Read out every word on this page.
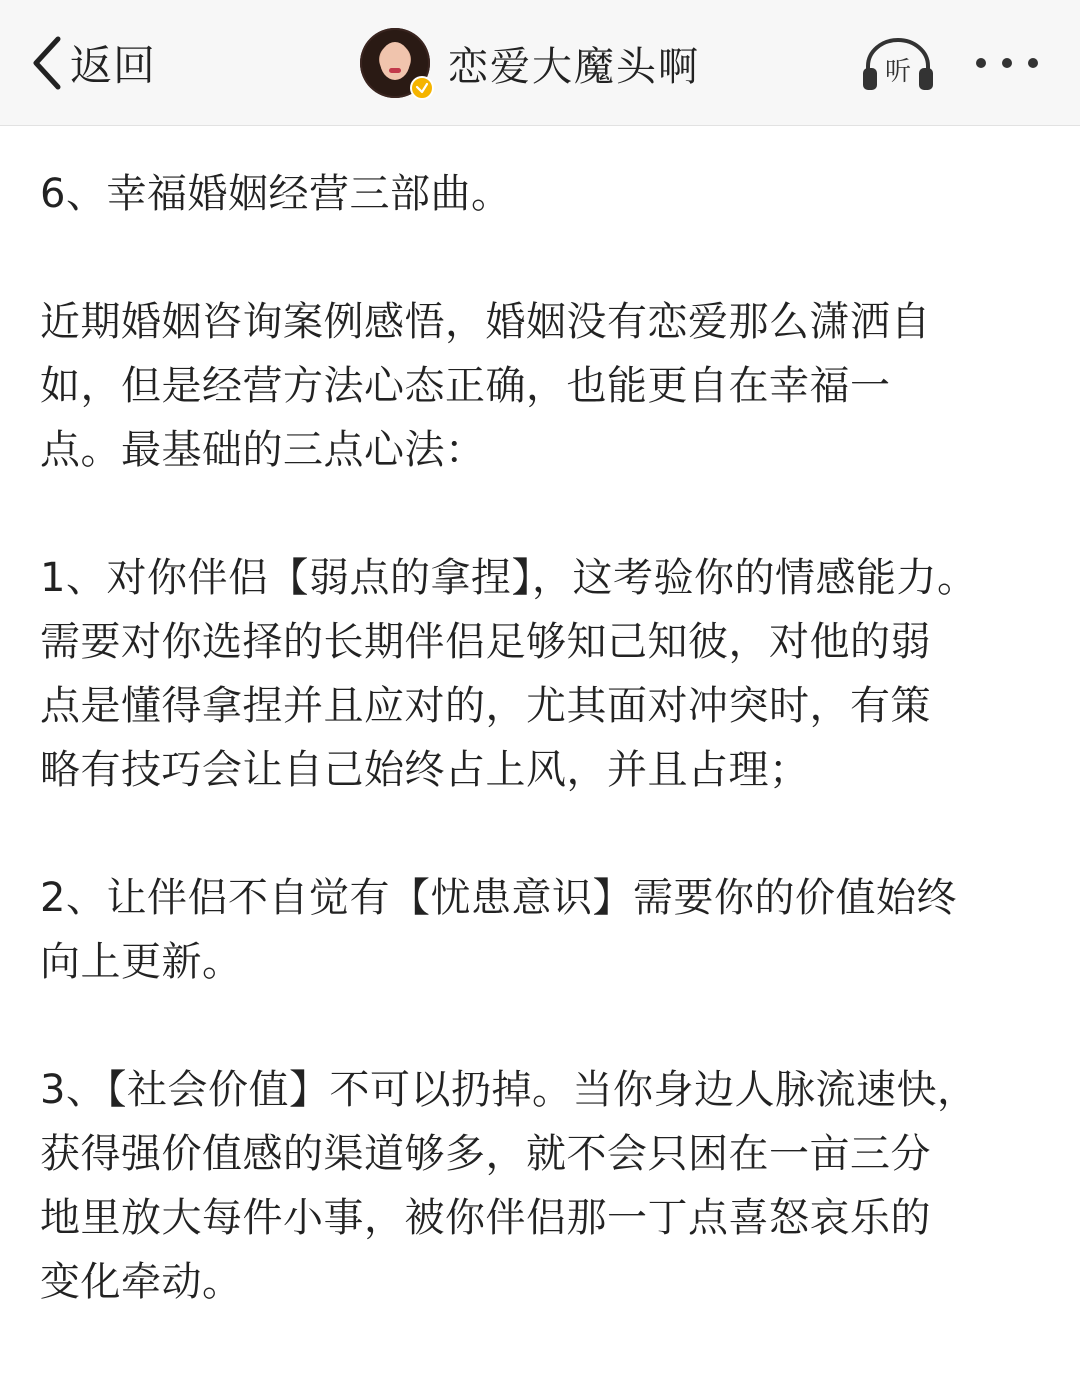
返回	恋爱大魔头啊	听

6、幸福婚姻经营三部曲。

近期婚姻咨询案例感悟，婚姻没有恋爱那么潇洒自
如，但是经营方法心态正确，也能更自在幸福一
点。最基础的三点心法：

1、对你伴侣【弱点的拿捏】，这考验你的情感能力。
需要对你选择的长期伴侣足够知己知彼，对他的弱
点是懂得拿捏并且应对的，尤其面对冲突时，有策
略有技巧会让自己始终占上风，并且占理；

2、让伴侣不自觉有【忧患意识】需要你的价值始终
向上更新。

3、【社会价值】不可以扔掉。当你身边人脉流速快，
获得强价值感的渠道够多，就不会只困在一亩三分
地里放大每件小事，被你伴侣那一丁点喜怒哀乐的
变化牵动。
